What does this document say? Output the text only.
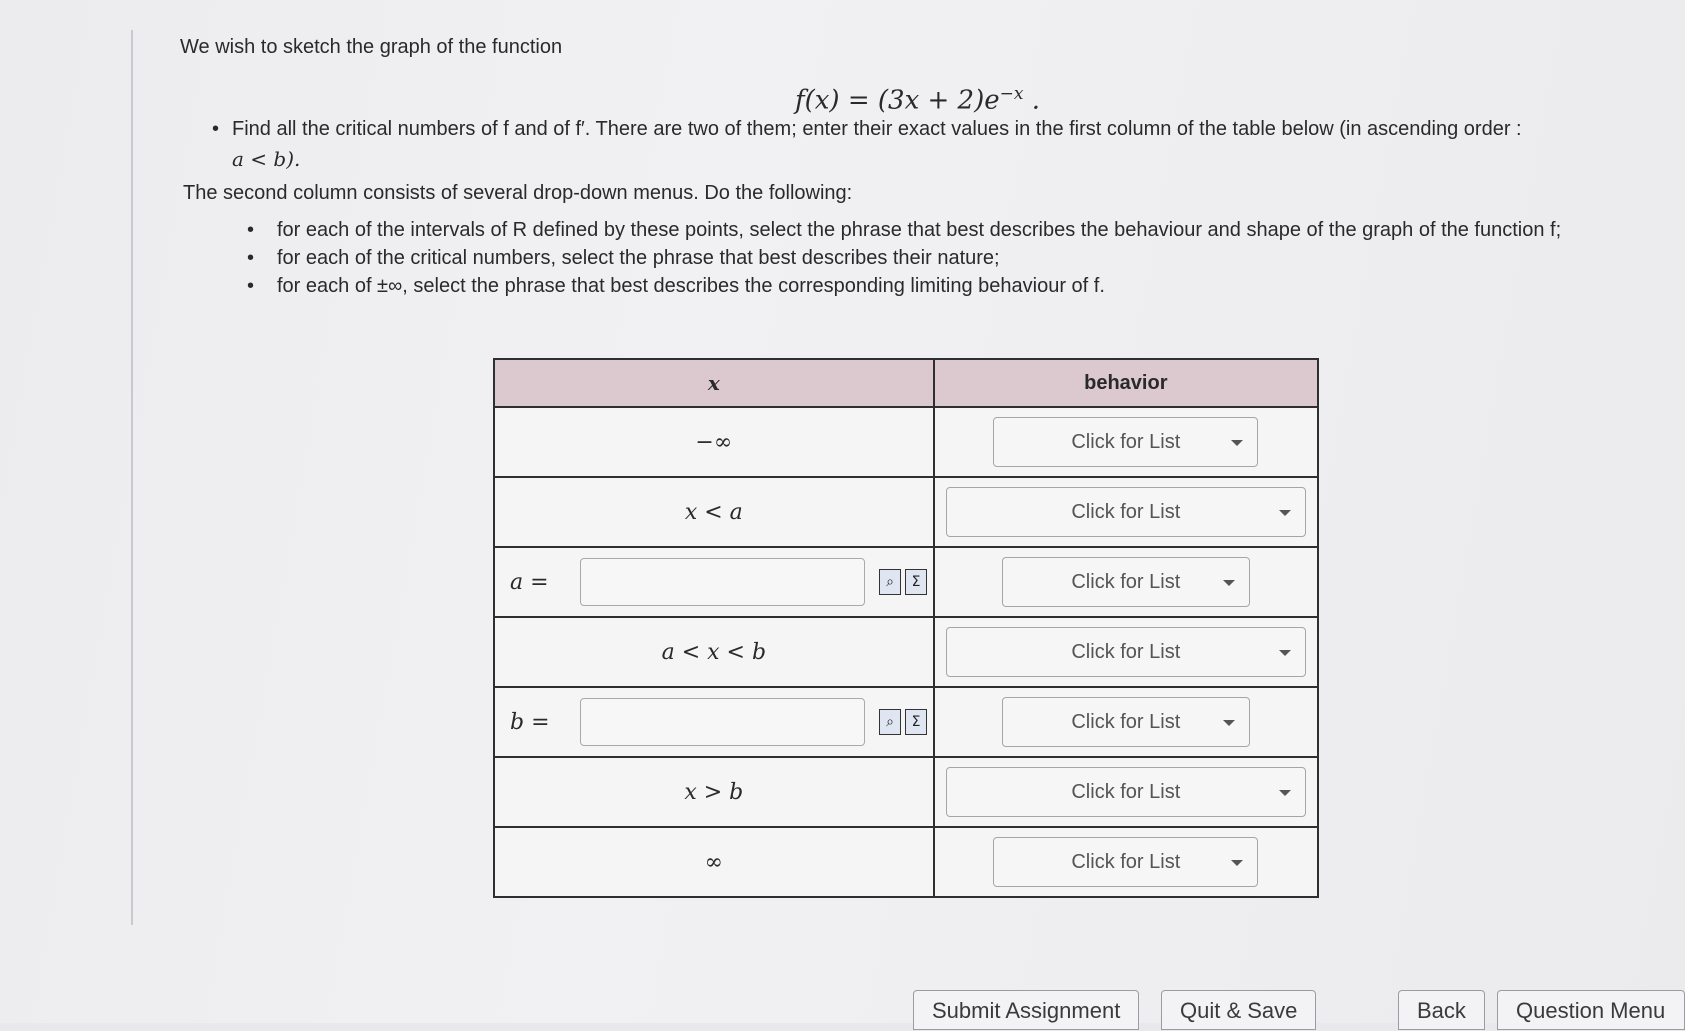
We wish to sketch the graph of the function

$f(x) = (3x + 2)e^{-x}$ .
• Find all the critical numbers of f and of f′. There are two of them; enter their exact values in the first column of the table below (in ascending order :
a < b).
The second column consists of several drop-down menus. Do the following:
• for each of the intervals of R defined by these points, select the phrase that best describes the behaviour and shape of the graph of the function f;
• for each of the critical numbers, select the phrase that best describes their nature;
• for each of ±∞, select the phrase that best describes the corresponding limiting behaviour of f.
x	behavior
−∞	Click for List

x < a	Click for List

a = ⌕ Σ	Click for List

a < x < b	Click for List

b = ⌕ Σ	Click for List

x > b	Click for List

∞	Click for List
Submit Assignment	Quit & Save	Back	Question Menu
